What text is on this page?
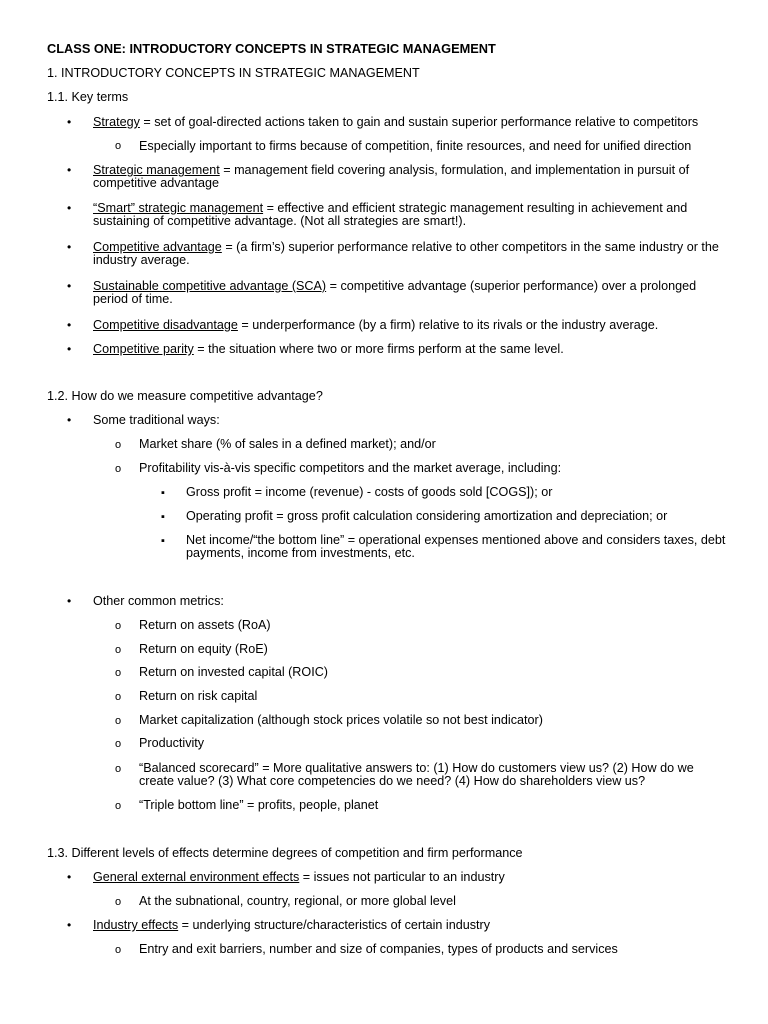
CLASS ONE: INTRODUCTORY CONCEPTS IN STRATEGIC MANAGEMENT
1. INTRODUCTORY CONCEPTS IN STRATEGIC MANAGEMENT
1.1. Key terms
•
Strategy = set of goal-directed actions taken to gain and sustain superior performance relative to competitors
o
Especially important to firms because of competition, finite resources, and need for unified direction
•
Strategic management = management field covering analysis, formulation, and implementation in pursuit of competitive advantage
•
“Smart” strategic management = effective and efficient strategic management resulting in achievement and sustaining of competitive advantage. (Not all strategies are smart!).
•
Competitive advantage = (a firm’s) superior performance relative to other competitors in the same industry or the industry average.
•
Sustainable competitive advantage (SCA) = competitive advantage (superior performance) over a prolonged period of time.
•
Competitive disadvantage = underperformance (by a firm) relative to its rivals or the industry average.
•
Competitive parity = the situation where two or more firms perform at the same level.
1.2. How do we measure competitive advantage?
•
Some traditional ways:
o
Market share (% of sales in a defined market); and/or
o
Profitability vis-à-vis specific competitors and the market average, including:
▪
Gross profit = income (revenue) - costs of goods sold [COGS]); or
▪
Operating profit = gross profit calculation considering amortization and depreciation; or
▪
Net income/“the bottom line” = operational expenses mentioned above and considers taxes, debt payments, income from investments, etc.
•
Other common metrics:
o
Return on assets (RoA)
o
Return on equity (RoE)
o
Return on invested capital (ROIC)
o
Return on risk capital
o
Market capitalization (although stock prices volatile so not best indicator)
o
Productivity
o
“Balanced scorecard” = More qualitative answers to: (1) How do customers view us? (2) How do we create value? (3) What core competencies do we need? (4) How do shareholders view us?
o
“Triple bottom line” = profits, people, planet
1.3. Different levels of effects determine degrees of competition and firm performance
•
General external environment effects = issues not particular to an industry
o
At the subnational, country, regional, or more global level
•
Industry effects = underlying structure/characteristics of certain industry
o
Entry and exit barriers, number and size of companies, types of products and services
